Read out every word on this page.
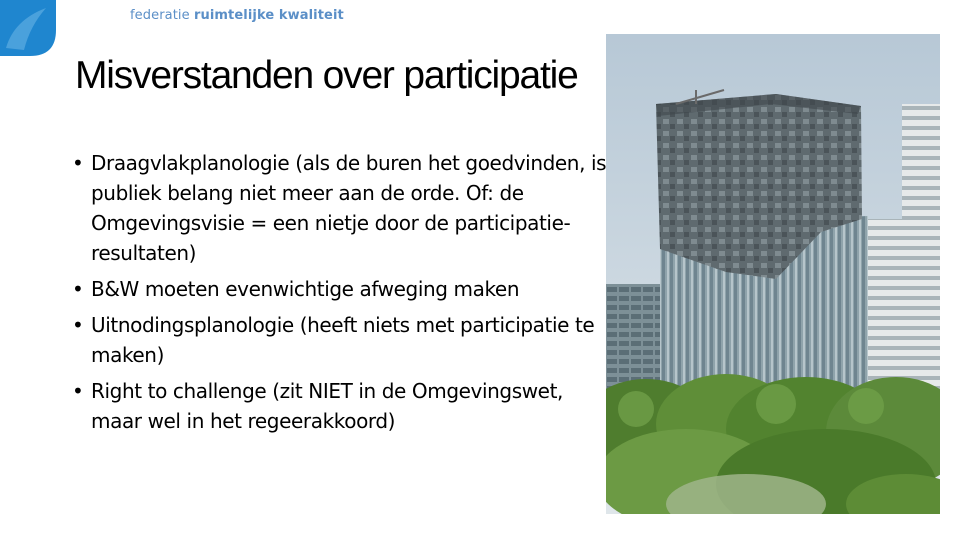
federatie ruimtelijke kwaliteit
Misverstanden over participatie
• Draagvlakplanologie (als de buren het goedvinden, is publiek belang niet meer aan de orde. Of: de Omgevingsvisie = een nietje door de participatie-resultaten)
• B&W moeten evenwichtige afweging maken
• Uitnodingsplanologie (heeft niets met participatie te maken)
• Right to challenge (zit NIET in de Omgevingswet, maar wel in het regeerakkoord)
